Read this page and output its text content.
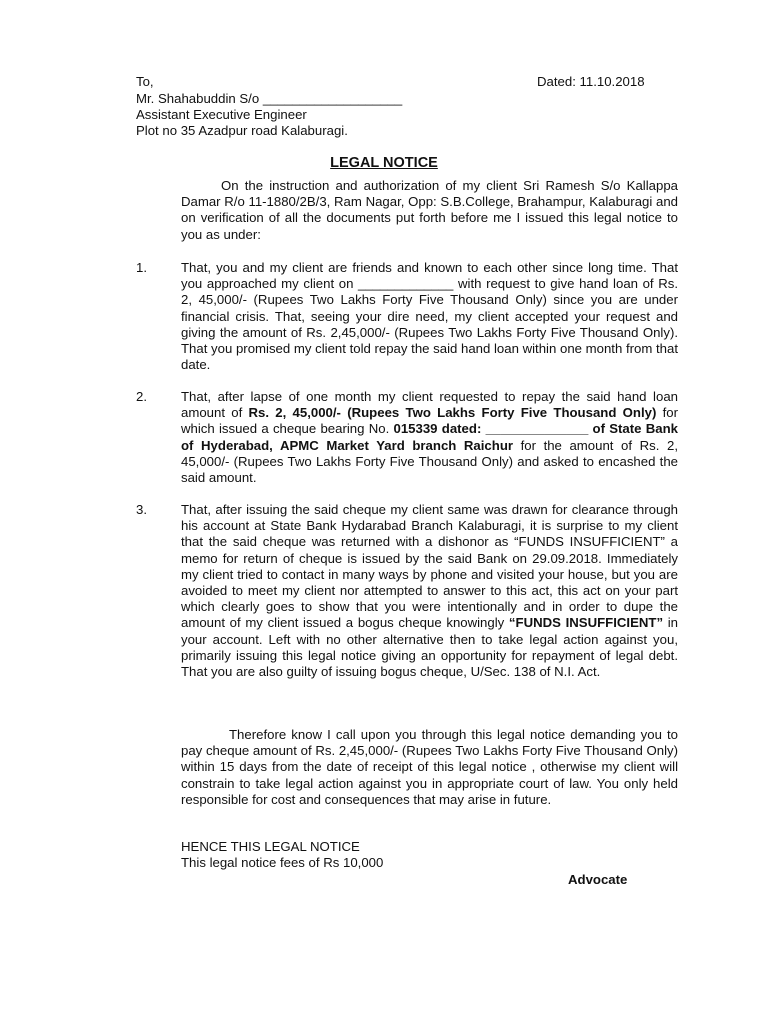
To,	Dated: 11.10.2018
Mr. Shahabuddin S/o ___________________
Assistant Executive Engineer
Plot no 35 Azadpur road Kalaburagi.
LEGAL NOTICE
On the instruction and authorization of my client Sri Ramesh S/o Kallappa Damar R/o 11-1880/2B/3, Ram Nagar, Opp: S.B.College, Brahampur, Kalaburagi and on verification of all the documents put forth before me I issued this legal notice to you as under:
1.	That, you and my client are friends and known to each other since long time. That you approached my client on _____________ with request to give hand loan of Rs. 2, 45,000/- (Rupees Two Lakhs Forty Five Thousand Only) since you are under financial crisis. That, seeing your dire need, my client accepted your request and giving the amount of Rs. 2,45,000/- (Rupees Two Lakhs Forty Five Thousand Only). That you promised my client told repay the said hand loan within one month from that date.
2.	That, after lapse of one month my client requested to repay the said hand loan amount of Rs. 2, 45,000/- (Rupees Two Lakhs Forty Five Thousand Only) for which issued a cheque bearing No. 015339 dated: ______________ of State Bank of Hyderabad, APMC Market Yard branch Raichur for the amount of Rs. 2, 45,000/- (Rupees Two Lakhs Forty Five Thousand Only) and asked to encashed the said amount.
3.	That, after issuing the said cheque my client same was drawn for clearance through his account at State Bank Hydarabad Branch Kalaburagi, it is surprise to my client that the said cheque was returned with a dishonor as “FUNDS INSUFFICIENT” a memo for return of cheque is issued by the said Bank on 29.09.2018. Immediately my client tried to contact in many ways by phone and visited your house, but you are avoided to meet my client nor attempted to answer to this act, this act on your part which clearly goes to show that you were intentionally and in order to dupe the amount of my client issued a bogus cheque knowingly “FUNDS INSUFFICIENT” in your account. Left with no other alternative then to take legal action against you, primarily issuing this legal notice giving an opportunity for repayment of legal debt. That you are also guilty of issuing bogus cheque, U/Sec. 138 of N.I. Act.
Therefore know I call upon you through this legal notice demanding you to pay cheque amount of Rs. 2,45,000/- (Rupees Two Lakhs Forty Five Thousand Only) within 15 days from the date of receipt of this legal notice , otherwise my client will constrain to take legal action against you in appropriate court of law. You only held responsible for cost and consequences that may arise in future.
HENCE THIS LEGAL NOTICE
This legal notice fees of Rs 10,000
Advocate
